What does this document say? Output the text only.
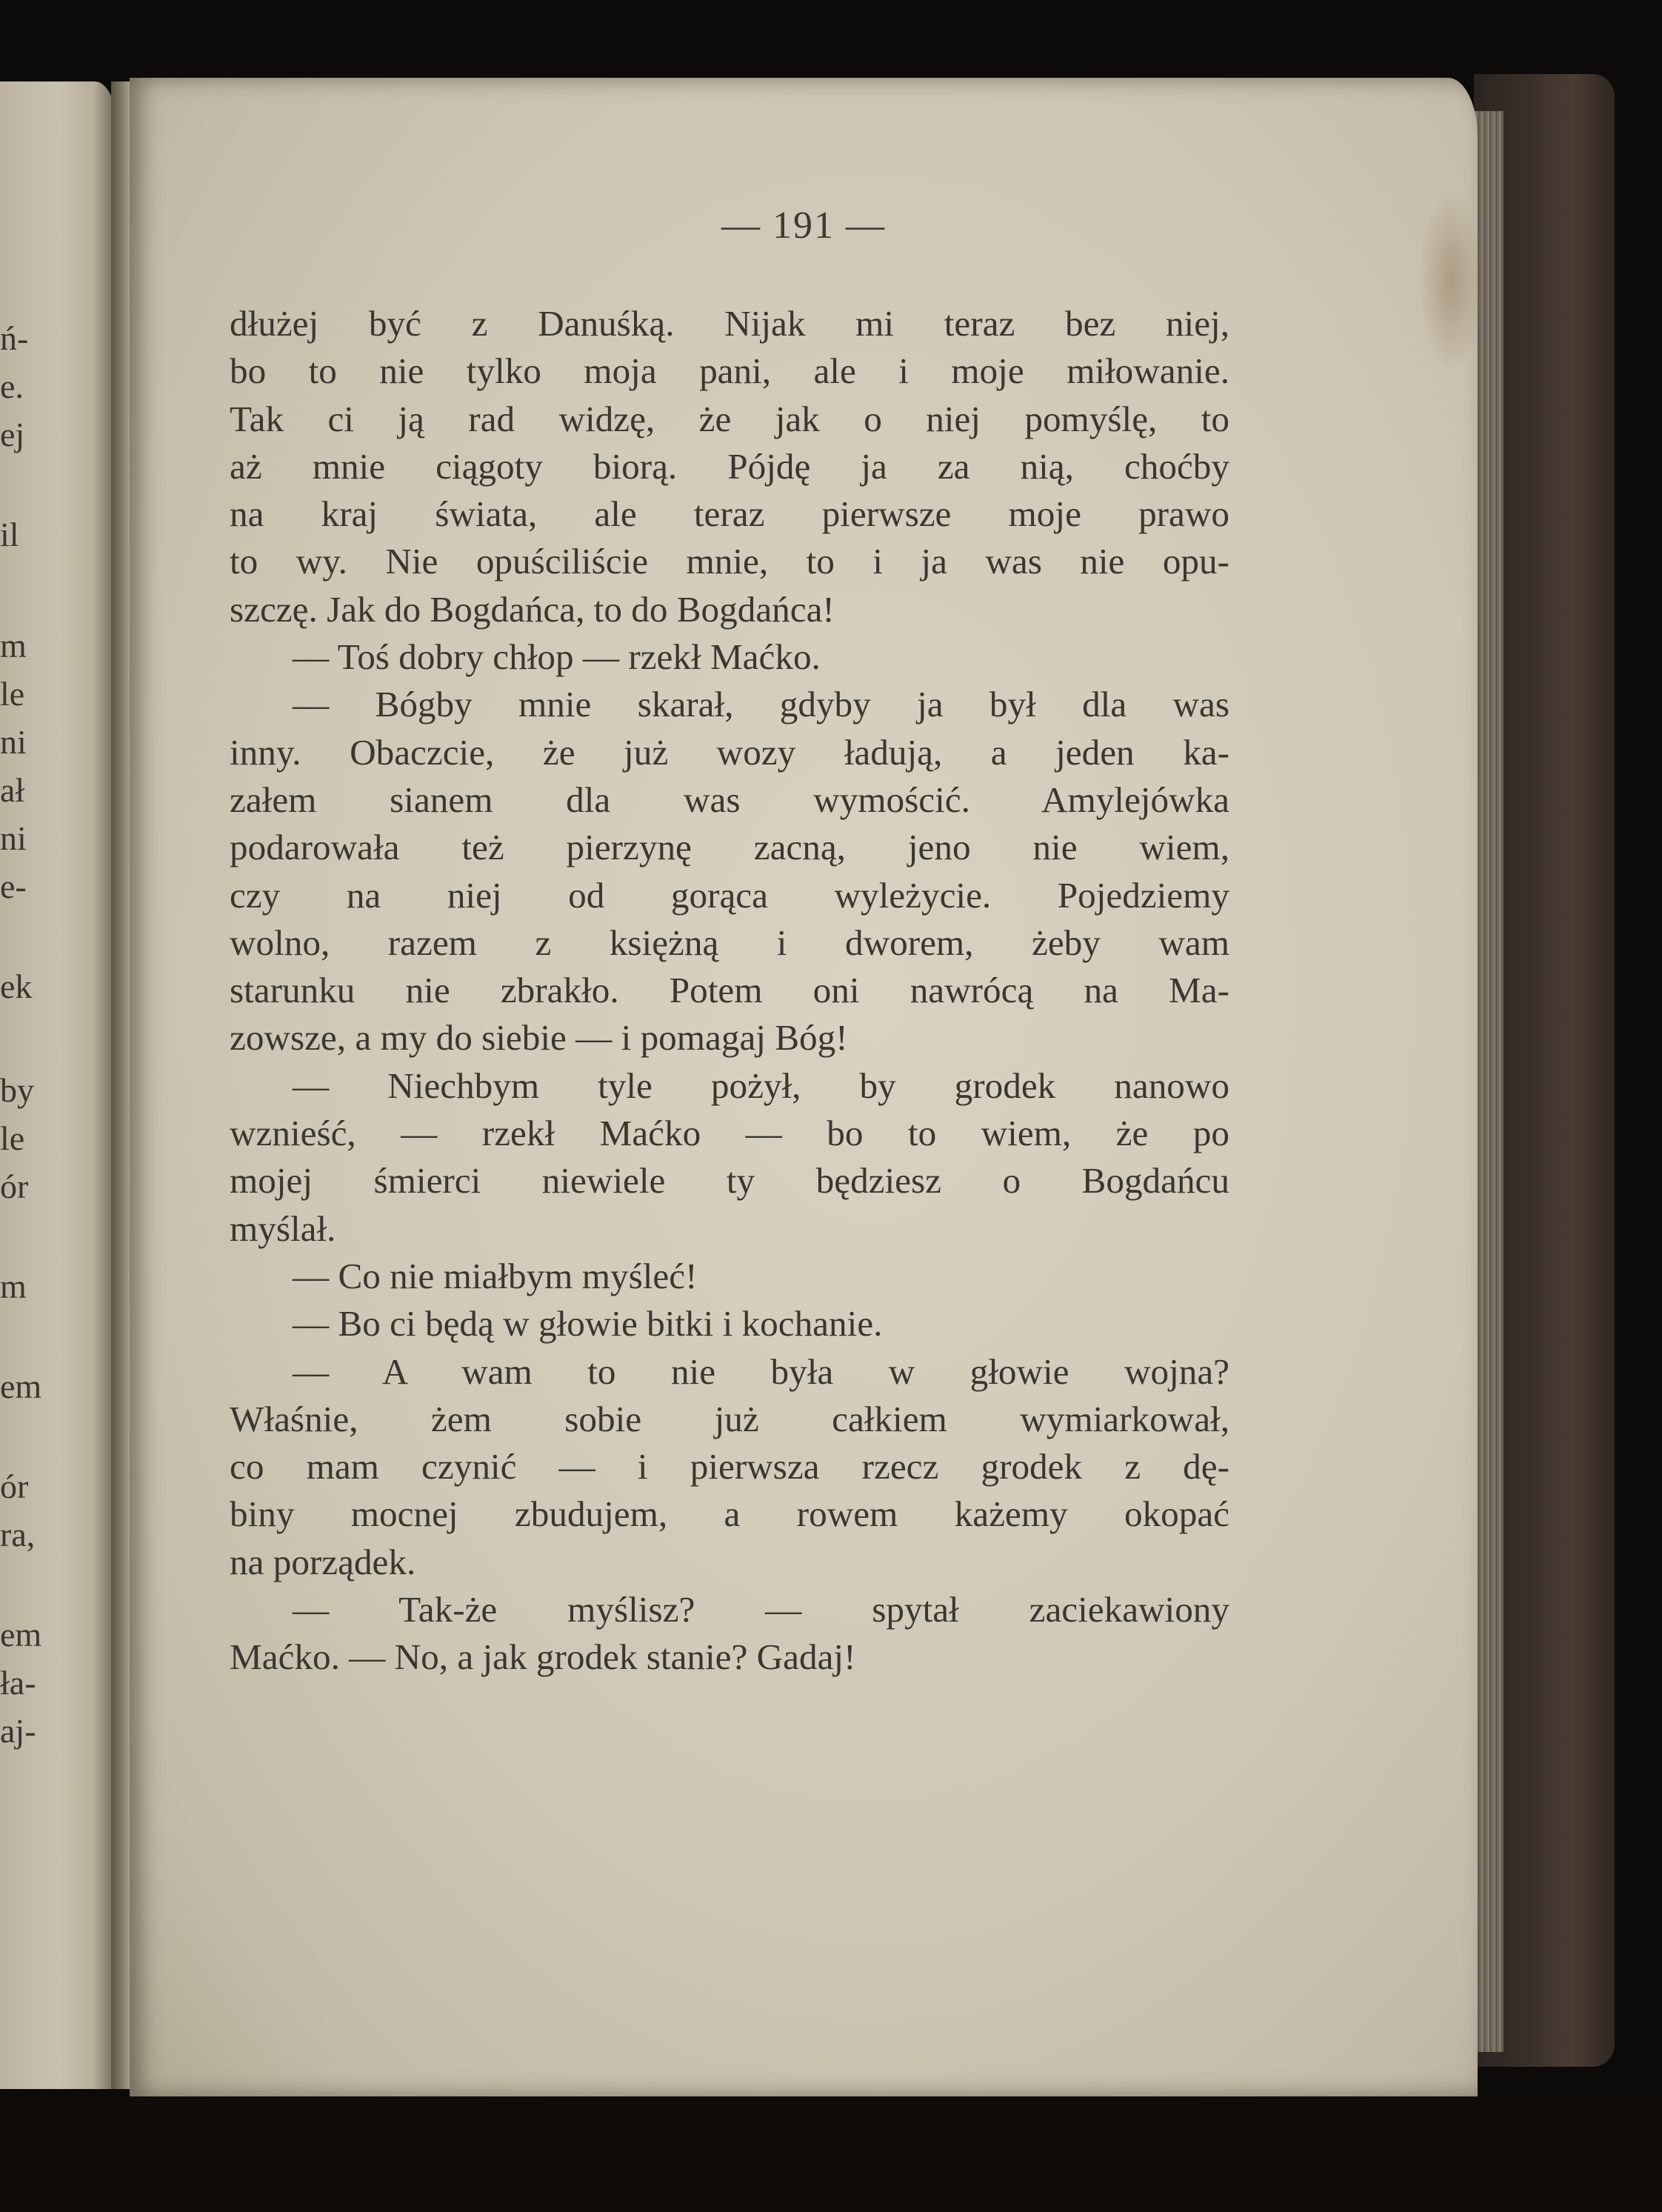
ń-
e.
ej
il
m
le
ni
ał
ni
e-
ek
by
le
ór
m
em
ór
ra,
em
ła-
aj-
— 191 —
dłużej być z Danuśką. Nijak mi teraz bez niej,
bo to nie tylko moja pani, ale i moje miłowanie.
Tak ci ją rad widzę, że jak o niej pomyślę, to
aż mnie ciągoty biorą. Pójdę ja za nią, choćby
na kraj świata, ale teraz pierwsze moje prawo
to wy. Nie opuściliście mnie, to i ja was nie opu-
szczę. Jak do Bogdańca, to do Bogdańca!
— Toś dobry chłop — rzekł Maćko.
— Bógby mnie skarał, gdyby ja był dla was
inny. Obaczcie, że już wozy ładują, a jeden ka-
załem sianem dla was wymościć. Amylejówka
podarowała też pierzynę zacną, jeno nie wiem,
czy na niej od gorąca wyleżycie. Pojedziemy
wolno, razem z księżną i dworem, żeby wam
starunku nie zbrakło. Potem oni nawrócą na Ma-
zowsze, a my do siebie — i pomagaj Bóg!
— Niechbym tyle pożył, by grodek nanowo
wznieść, — rzekł Maćko — bo to wiem, że po
mojej śmierci niewiele ty będziesz o Bogdańcu
myślał.
— Co nie miałbym myśleć!
— Bo ci będą w głowie bitki i kochanie.
— A wam to nie była w głowie wojna?
Właśnie, żem sobie już całkiem wymiarkował,
co mam czynić — i pierwsza rzecz grodek z dę-
biny mocnej zbudujem, a rowem każemy okopać
na porządek.
— Tak-że myślisz? — spytał zaciekawiony
Maćko. — No, a jak grodek stanie? Gadaj!
